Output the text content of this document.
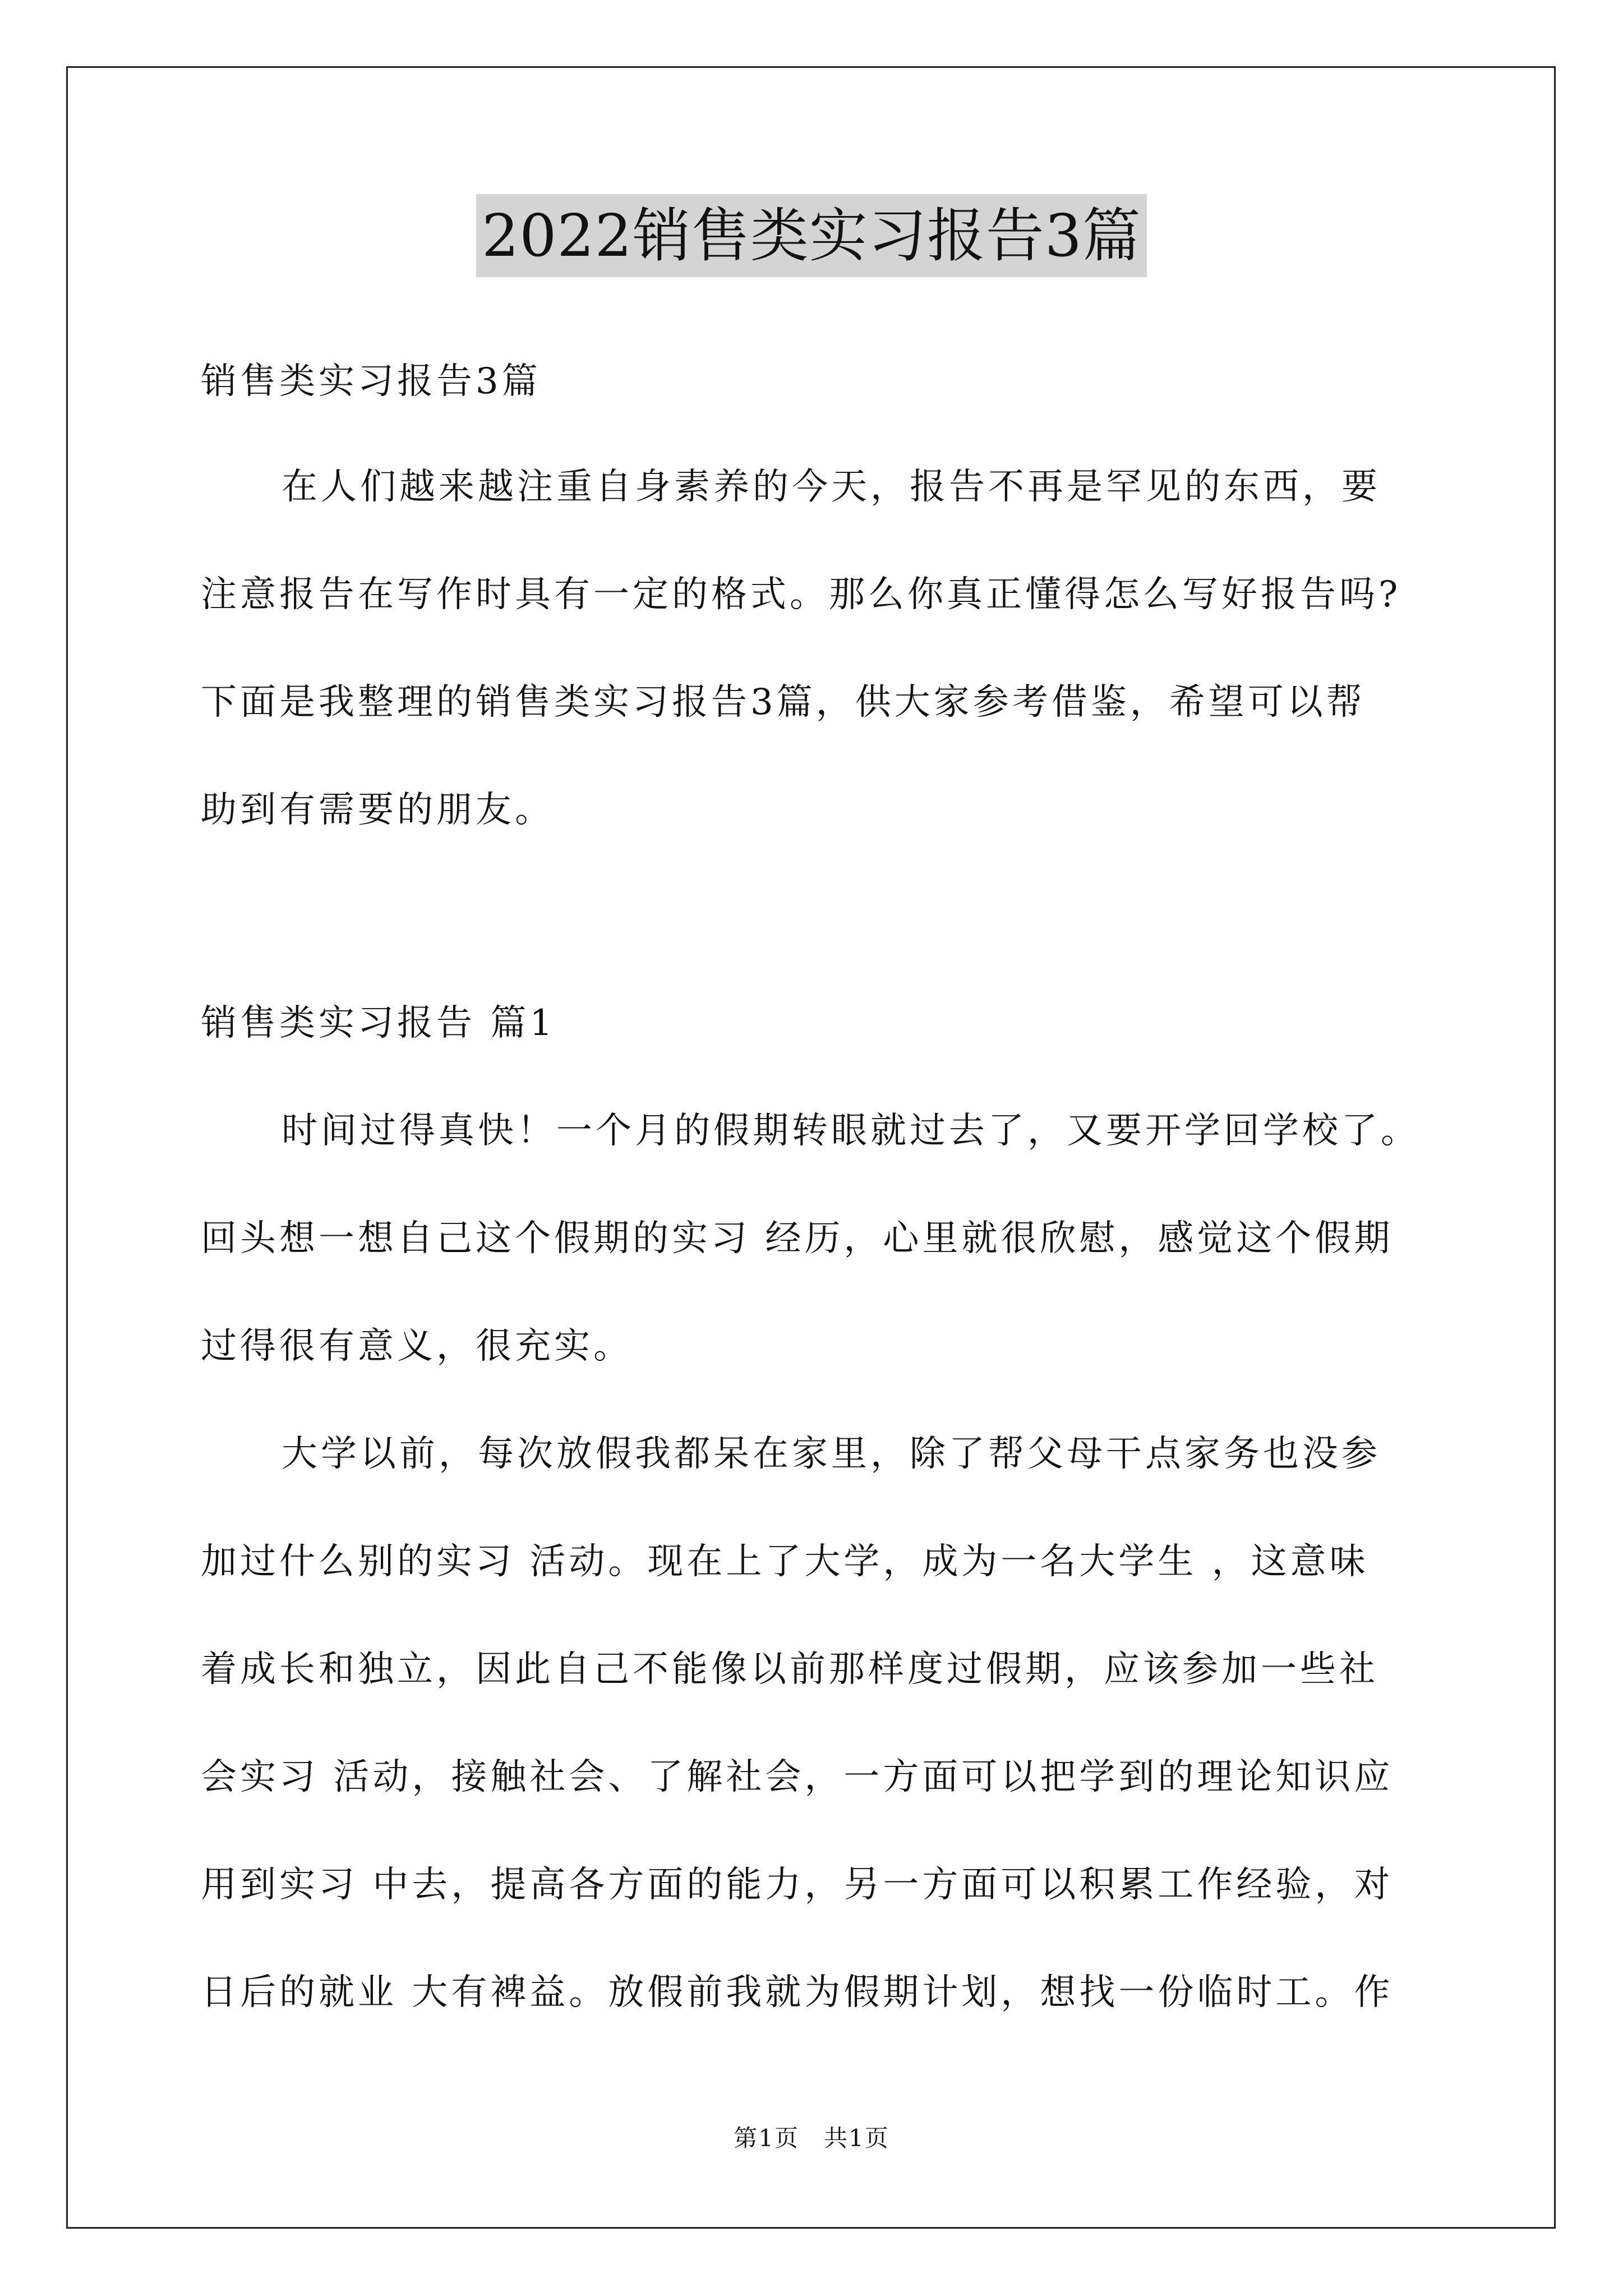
2022销售类实习报告3篇
销售类实习报告3篇
在人们越来越注重自身素养的今天，报告不再是罕见的东西，要
注意报告在写作时具有一定的格式。那么你真正懂得怎么写好报告吗?
下面是我整理的销售类实习报告3篇，供大家参考借鉴，希望可以帮
助到有需要的朋友。
销售类实习报告 篇1
时间过得真快！一个月的假期转眼就过去了，又要开学回学校了。
回头想一想自己这个假期的实习 经历，心里就很欣慰，感觉这个假期
过得很有意义，很充实。
大学以前，每次放假我都呆在家里，除了帮父母干点家务也没参
加过什么别的实习 活动。现在上了大学，成为一名大学生 ，这意味
着成长和独立，因此自己不能像以前那样度过假期，应该参加一些社
会实习 活动，接触社会、了解社会，一方面可以把学到的理论知识应
用到实习 中去，提高各方面的能力，另一方面可以积累工作经验，对
日后的就业 大有裨益。放假前我就为假期计划，想找一份临时工。作
第1页　共1页
